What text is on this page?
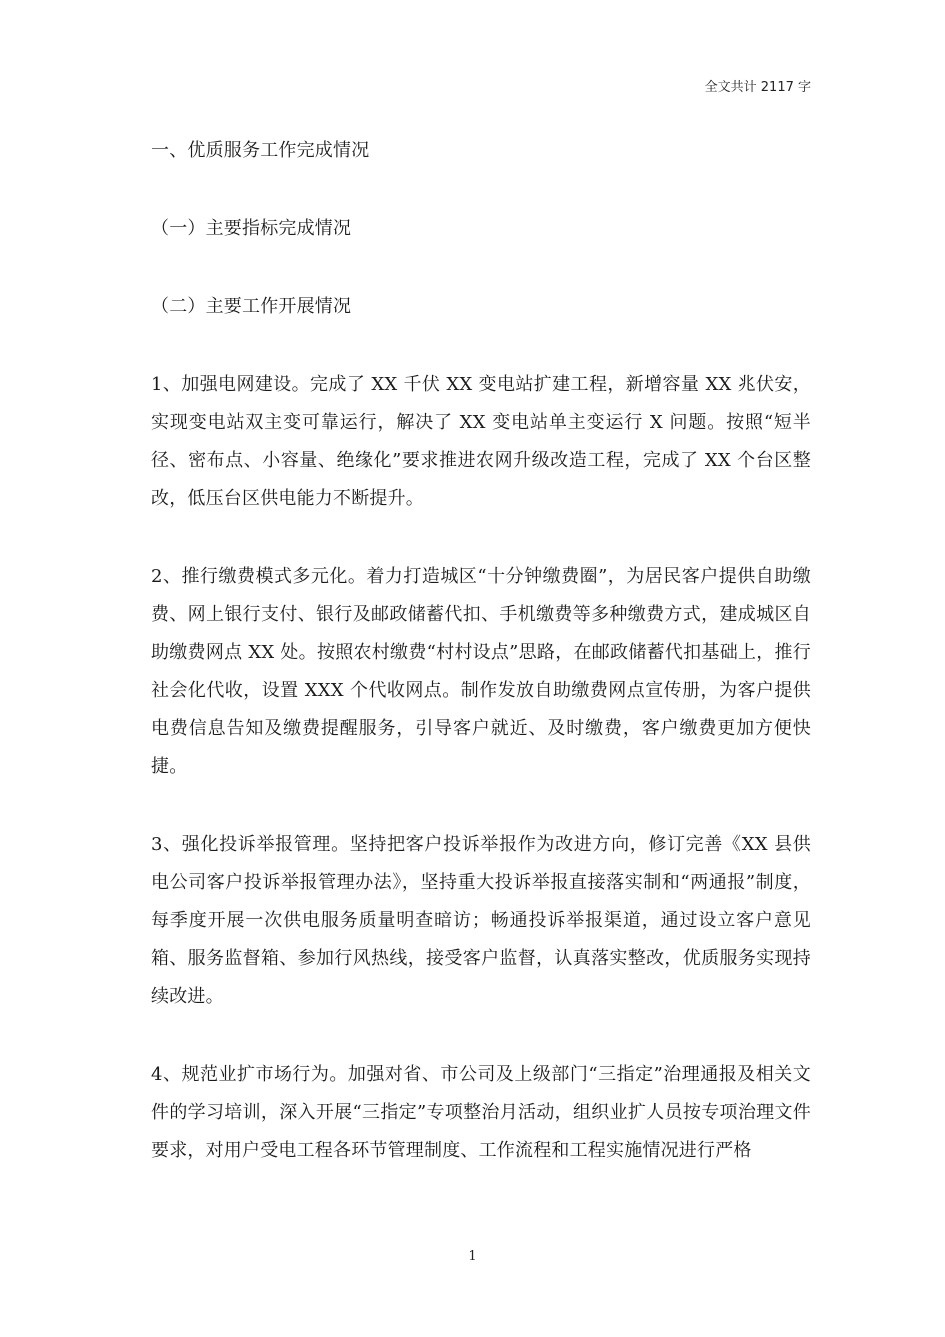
全文共计 2117 字
一、优质服务工作完成情况
（一）主要指标完成情况
（二）主要工作开展情况

1、加强电网建设。完成了 XX 千伏 XX 变电站扩建工程，新增容量 XX 兆伏安，实现变电站双主变可靠运行，解决了 XX 变电站单主变运行 X 问题。按照“短半径、密布点、小容量、绝缘化”要求推进农网升级改造工程，完成了 XX 个台区整改，低压台区供电能力不断提升。

2、推行缴费模式多元化。着力打造城区“十分钟缴费圈”，为居民客户提供自助缴费、网上银行支付、银行及邮政储蓄代扣、手机缴费等多种缴费方式，建成城区自助缴费网点 XX 处。按照农村缴费“村村设点”思路，在邮政储蓄代扣基础上，推行社会化代收，设置 XXX 个代收网点。制作发放自助缴费网点宣传册，为客户提供电费信息告知及缴费提醒服务，引导客户就近、及时缴费，客户缴费更加方便快捷。

3、强化投诉举报管理。坚持把客户投诉举报作为改进方向，修订完善《XX 县供电公司客户投诉举报管理办法》，坚持重大投诉举报直接落实制和“两通报”制度，每季度开展一次供电服务质量明查暗访；畅通投诉举报渠道，通过设立客户意见箱、服务监督箱、参加行风热线，接受客户监督，认真落实整改，优质服务实现持续改进。

4、规范业扩市场行为。加强对省、市公司及上级部门“三指定”治理通报及相关文件的学习培训，深入开展“三指定”专项整治月活动，组织业扩人员按专项治理文件要求，对用户受电工程各环节管理制度、工作流程和工程实施情况进行严格

1
